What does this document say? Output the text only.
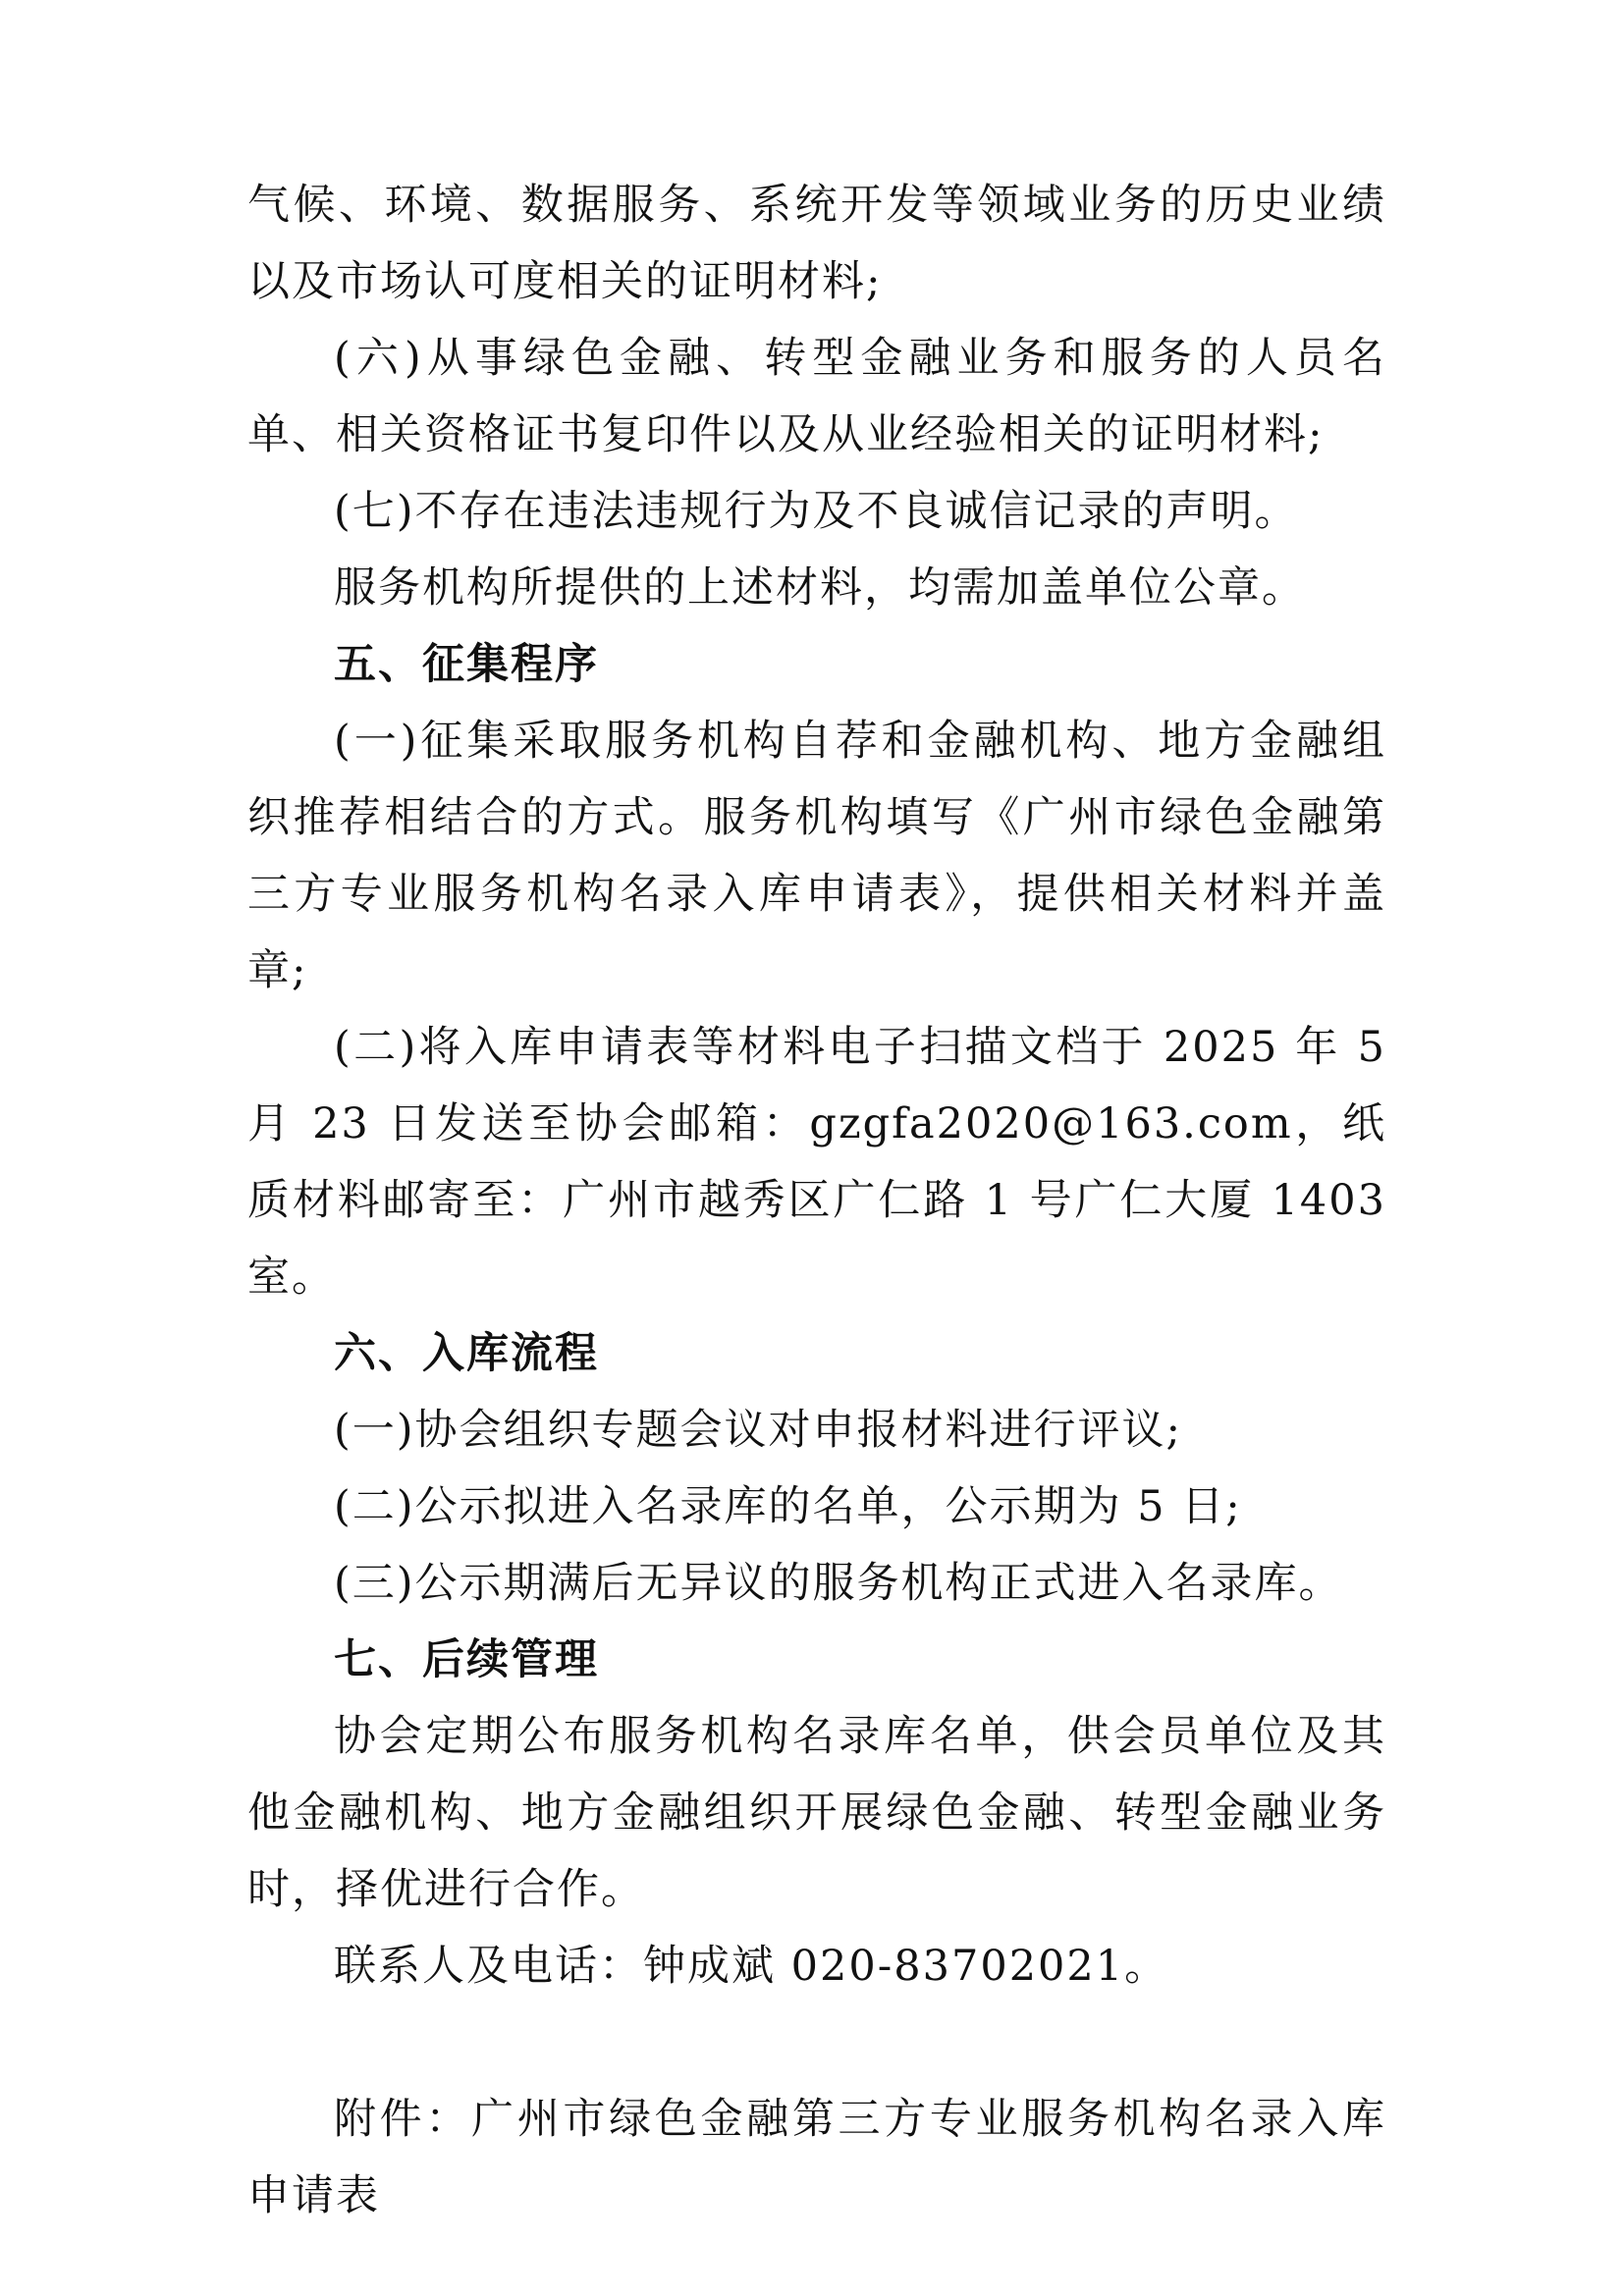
气候、环境、数据服务、系统开发等领域业务的历史业绩以及市场认可度相关的证明材料;

(六)从事绿色金融、转型金融业务和服务的人员名单、相关资格证书复印件以及从业经验相关的证明材料;

(七)不存在违法违规行为及不良诚信记录的声明。

服务机构所提供的上述材料，均需加盖单位公章。

五、征集程序

(一)征集采取服务机构自荐和金融机构、地方金融组织推荐相结合的方式。服务机构填写《广州市绿色金融第三方专业服务机构名录入库申请表》，提供相关材料并盖章;

(二)将入库申请表等材料电子扫描文档于 2025 年 5 月 23 日发送至协会邮箱：gzgfa2020@163.com，纸质材料邮寄至：广州市越秀区广仁路 1 号广仁大厦 1403 室。

六、入库流程

(一)协会组织专题会议对申报材料进行评议;

(二)公示拟进入名录库的名单，公示期为 5 日;

(三)公示期满后无异议的服务机构正式进入名录库。

七、后续管理

协会定期公布服务机构名录库名单，供会员单位及其他金融机构、地方金融组织开展绿色金融、转型金融业务时，择优进行合作。

联系人及电话：钟成斌 020-83702021。

附件：广州市绿色金融第三方专业服务机构名录入库申请表
